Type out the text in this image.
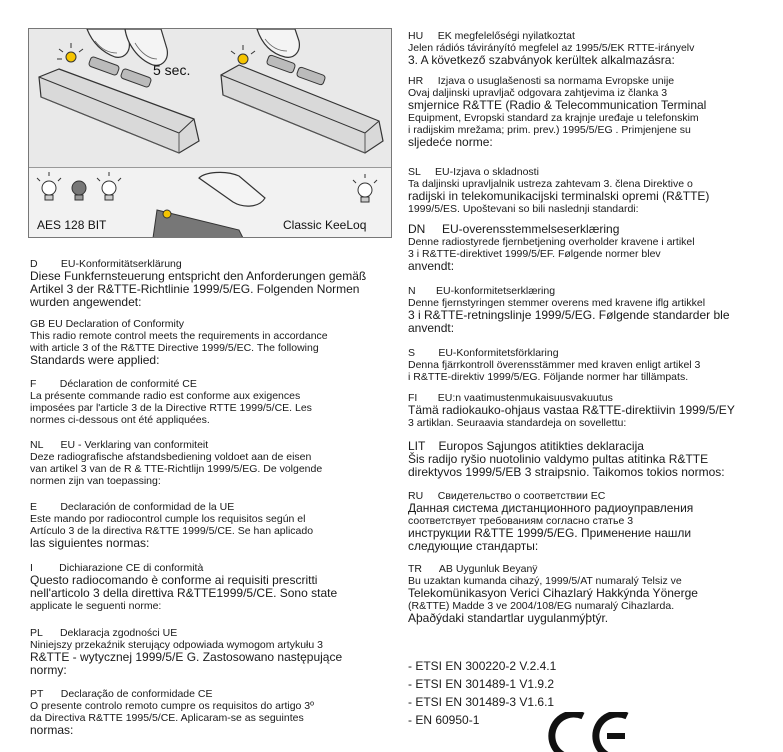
5 sec.
AES 128 BIT	Classic KeeLoq
D        EU-Konformitätserklärung
Diese Funkfernsteuerung entspricht den Anforderungen gemäß
Artikel 3 der R&TTE-Richtlinie 1999/5/EG. Folgenden Normen
wurden angewendet:
GB EU Declaration of Conformity
This radio remote control meets the requirements in accordance
with article 3 of the R&TTE Directive 1999/5/EC. The following
Standards were applied:
F        Déclaration de conformité CE
La présente commande radio est conforme aux exigences
imposées par l'article 3 de la Directive RTTE 1999/5/CE. Les
normes ci-dessous ont été appliquées.
NL      EU - Verklaring van conformiteit
Deze radiografische afstandsbediening voldoet aan de eisen
van artikel 3 van de R & TTE-Richtlijn 1999/5/EG. De volgende
normen zijn van toepassing:
E        Declaración de conformidad de la UE
Este mando por radiocontrol cumple los requisitos según el
Artículo 3 de la directiva R&TTE 1999/5/CE. Se han aplicado
las siguientes normas:
I         Dichiarazione CE di conformità
Questo radiocomando è conforme ai requisiti prescritti
nell'articolo 3 della direttiva R&TTE1999/5/CE. Sono state
applicate le seguenti norme:
PL      Deklaracja zgodności UE
Niniejszy przekaźnik sterujący odpowiada wymogom artykułu 3
R&TTE - wytycznej 1999/5/E G. Zastosowano następujące
normy:
PT      Declaração de conformidade CE
O presente controlo remoto cumpre os requisitos do artigo 3º
da Directiva R&TTE 1995/5/CE. Aplicaram-se as seguintes
normas:
HU     EK megfelelőségi nyilatkoztat
Jelen rádiós távirányító megfelel az 1995/5/EK RTTE-irányelv
3. A következő szabványok kerültek alkalmazásra:
HR     Izjava o usuglašenosti sa normama Evropske unije
Ovaj daljinski upravljač odgovara zahtjevima iz članka 3
smjernice R&TTE (Radio & Telecommunication Terminal
Equipment, Evropski standard za krajnje uređaje u telefonskim
i radijskim mrežama; prim. prev.) 1995/5/EG . Primjenjene su
sljedeće norme:
SL     EU-Izjava o skladnosti
Ta daljinski upravljalnik ustreza zahtevam 3. člena Direktive o
radijski in telekomunikacijski terminalski opremi (R&TTE)
1999/5/ES. Upoštevani so bili naslednji standardi:
DN     EU-overensstemmelseserklæring
Denne radiostyrede fjernbetjening overholder kravene i artikel
3 i R&TTE-direktivet 1999/5/EF. Følgende normer blev
anvendt:
N       EU-konformitetserklæring
Denne fjernstyringen stemmer overens med kravene iflg artikkel
3 i R&TTE-retningslinje 1999/5/EG. Følgende standarder ble
anvendt:
S        EU-Konformitetsförklaring
Denna fjärrkontroll överensstämmer med kraven enligt artikel 3
i R&TTE-direktiv 1999/5/EG. Följande normer har tillämpats.
FI       EU:n vaatimustenmukaisuusvakuutus
Tämä radiokauko-ohjaus vastaa R&TTE-direktiivin 1999/5/EY
3 artiklan. Seuraavia standardeja on sovellettu:
LIT    Europos Sąjungos atitikties deklaracija
Šis radijo ryšio nuotolinio valdymo pultas atitinka R&TTE
direktyvos 1999/5/EB 3 straipsnio. Taikomos tokios normos:
RU     Свидетельство о соответствии ЕС
Данная система дистанционного радиоуправления
соответствует требованиям согласно статье 3
инструкции R&TTE 1999/5/EG. Применение нашли
следующие стандарты:
TR      AB Uygunluk Beyanÿ
Bu uzaktan kumanda cihazý, 1999/5/AT numaralý Telsiz ve
Telekomünikasyon Verici Cihazlarý Hakkýnda Yönerge
(R&TTE) Madde 3 ve 2004/108/EG numaralý Cihazlarda.
Aþaðýdaki standartlar uygulanmýþtýr.
- ETSI EN 300220-2 V.2.4.1
- ETSI EN 301489-1 V1.9.2
- ETSI EN 301489-3 V1.6.1
- EN 60950-1
